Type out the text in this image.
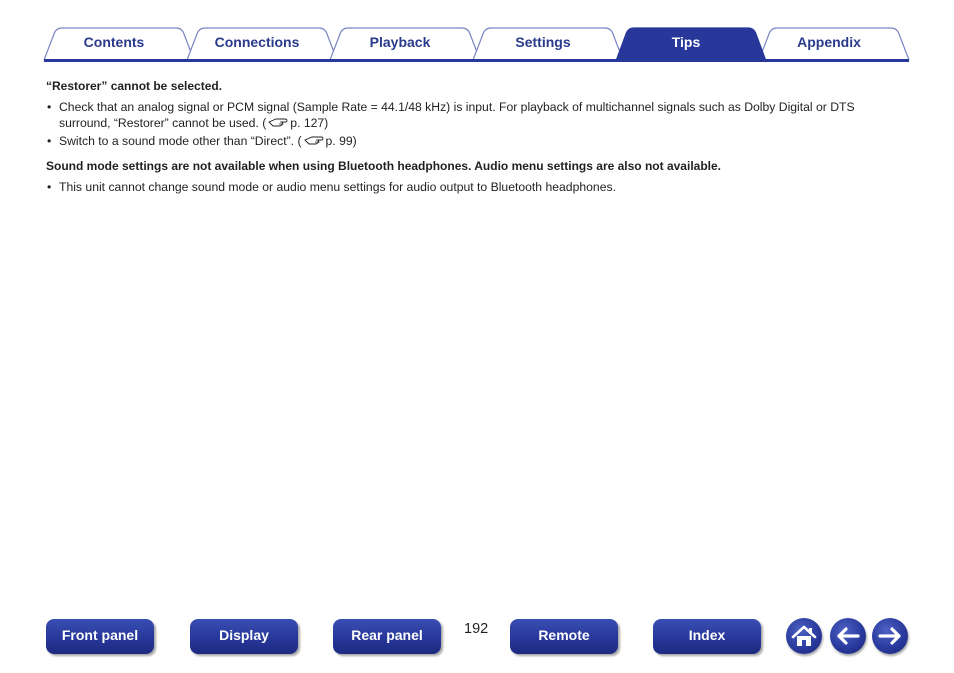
Contents	Connections	Playback	Settings	Tips	Appendix
“Restorer” cannot be selected.
• Check that an analog signal or PCM signal (Sample Rate = 44.1/48 kHz) is input. For playback of multichannel signals such as Dolby Digital or DTS
surround, “Restorer” cannot be used. ( p. 127)
• Switch to a sound mode other than “Direct”. ( p. 99)
Sound mode settings are not available when using Bluetooth headphones. Audio menu settings are also not available.
• This unit cannot change sound mode or audio menu settings for audio output to Bluetooth headphones.
Front panel	Display	Rear panel	192	Remote	Index
